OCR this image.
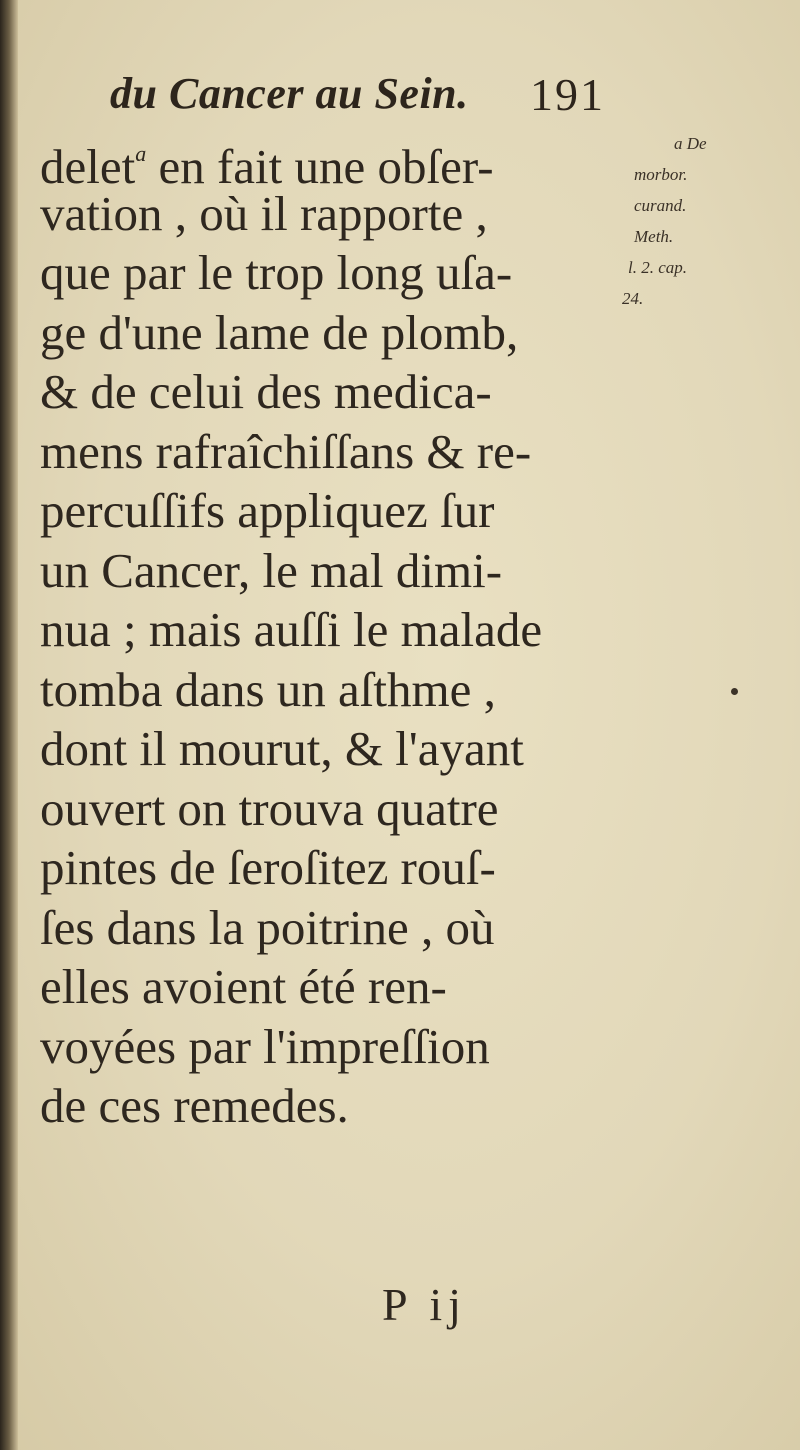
du Cancer au Sein. 191
delet$^a$ en fait une obſer-
vation , où il rapporte ,
que par le trop long uſa-
ge d'une lame de plomb,
& de celui des medica-
mens rafraîchiſſans & re-
percuſſifs appliquez ſur
un Cancer, le mal dimi-
nua ; mais auſſi le malade
tomba dans un aſthme ,
dont il mourut, & l'ayant
ouvert on trouva quatre
pintes de ſeroſitez rouſ-
ſes dans la poitrine , où
elles avoient été ren-
voyées par l'impreſſion
de ces remedes.
a De
morbor.
curand.
Meth.
l. 2. cap.
24.
P ij
